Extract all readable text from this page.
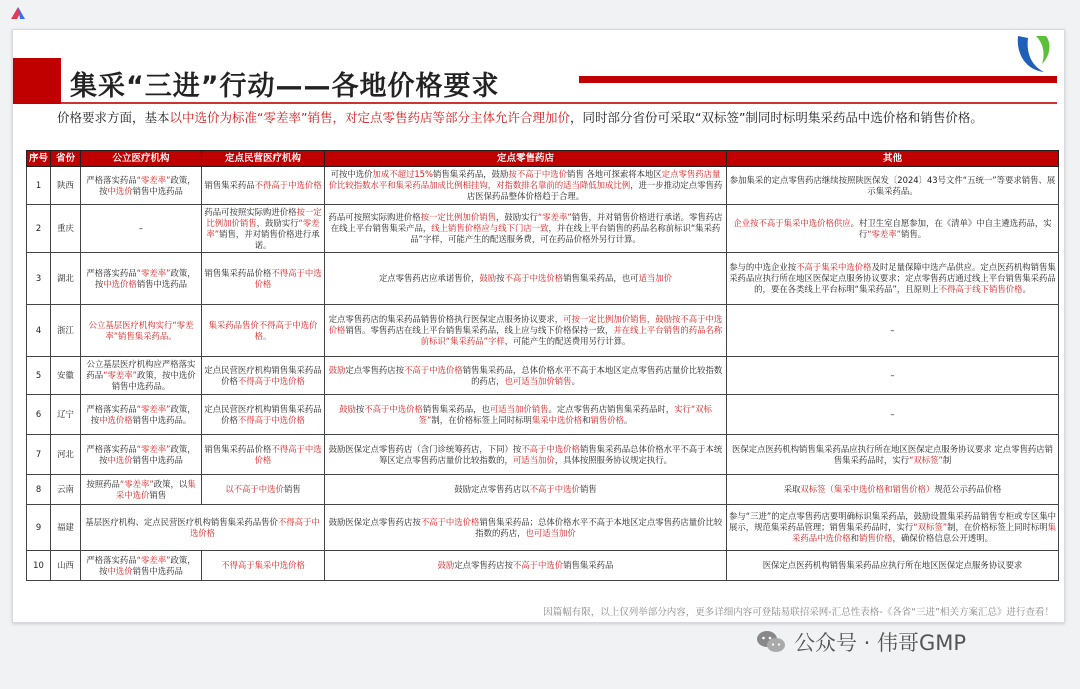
集采“三进”行动——各地价格要求
价格要求方面，基本以中选价为标准“零差率”销售，对定点零售药店等部分主体允许合理加价，同时部分省份可采取“双标签”制同时标明集采药品中选价格和销售价格。
序号	省份	公立医疗机构	定点民营医疗机构	定点零售药店	其他
1	陕西	严格落实药品“零差率”政策，按中选价销售中选药品	销售集采药品不得高于中选价格	可按中选价加成不超过15%销售集采药品，鼓励按不高于中选价销售 各地可探索将本地区定点零售药店量价比较指数水平和集采药品加成比例相挂钩，对指数排名靠前的适当降低加成比例，进一步推动定点零售药店医保药品整体价格趋于合理。	参加集采的定点零售药店继续按照陕医保发〔2024〕43号文件“五统一”等要求销售、展示集采药品。
2	重庆	–	药品可按照实际购进价格按一定比例加价销售，鼓励实行“零差率”销售，并对销售价格进行承诺。	药品可按照实际购进价格按一定比例加价销售，鼓励实行“零差率”销售，并对销售价格进行承诺。零售药店在线上平台销售集采产品，线上销售价格应与线下门店一致，并在线上平台销售的药品名称前标识“集采药品”字样，可能产生的配送服务费，可在药品价格外另行计算。	企业按不高于集采中选价格供应。村卫生室自愿参加，在《清单》中自主遴选药品，实行“零差率”销售。
3	湖北	严格落实药品“零差率”政策，按中选价格销售中选药品	销售集采药品价格不得高于中选价格	定点零售药店应承诺售价，鼓励按不高于中选价格销售集采药品，也可适当加价	参与的中选企业按不高于集采中选价格及时足量保障中选产品供应。定点医药机构销售集采药品应执行所在地区医保定点服务协议要求；定点零售药店通过线上平台销售集采药品的，要在各类线上平台标明“集采药品”，且原则上不得高于线下销售价格。
4	浙江	公立基层医疗机构实行“零差率”销售集采药品。	集采药品售价不得高于中选价格。	定点零售药店的集采药品销售价格执行医保定点服务协议要求，可按一定比例加价销售，鼓励按不高于中选价格销售。零售药店在线上平台销售集采药品，线上应与线下价格保持一致，并在线上平台销售的药品名称前标识“集采药品”字样，可能产生的配送费用另行计算。	–
5	安徽	公立基层医疗机构应严格落实药品“零差率”政策，按中选价销售中选药品。	定点民营医疗机构销售集采药品价格不得高于中选价格	鼓励定点零售药店按不高于中选价格销售集采药品，总体价格水平不高于本地区定点零售药店量价比较指数的药店，也可适当加价销售。	–
6	辽宁	严格落实药品“零差率”政策，按中选价格销售中选药品。	定点民营医疗机构销售集采药品价格不得高于中选价格	鼓励按不高于中选价格销售集采药品，也可适当加价销售。定点零售药店销售集采药品时，实行“双标签”制，在价格标签上同时标明集采中选价格和销售价格。	–
7	河北	严格落实药品“零差率”政策，按中选价销售中选药品	销售集采药品价格不得高于中选价格	鼓励医保定点零售药店（含门诊统筹药店，下同）按不高于中选价格销售集采药品总体价格水平不高于本统筹区定点零售药店量价比较指数的，可适当加价，具体按照服务协议规定执行。	医保定点医药机构销售集采药品应执行所在地区医保定点服务协议要求 定点零售药店销售集采药品时，实行“双标签”制
8	云南	按照药品“零差率”政策，以集采中选价销售	以不高于中选价销售	鼓励定点零售药店以不高于中选价销售	采取双标签（集采中选价格和销售价格）规范公示药品价格
9	福建	基层医疗机构、定点民营医疗机构销售集采药品售价不得高于中选价格		鼓励医保定点零售药店按不高于中选价格销售集采药品；总体价格水平不高于本地区定点零售药店量价比较指数的药店，也可适当加价	参与“三进”的定点零售药店要明确标识集采药品，鼓励设置集采药品销售专柜或专区集中展示，规范集采药品管理；销售集采药品时，实行“双标签”制，在价格标签上同时标明集采药品中选价格和销售价格，确保价格信息公开透明。
10	山西	严格落实药品“零差率”政策，按中选价销售中选药品	不得高于集采中选价格	鼓励定点零售药店按不高于中选价销售集采药品	医保定点医药机构销售集采药品应执行所在地区医保定点服务协议要求
因篇幅有限，以上仅列举部分内容，更多详细内容可登陆易联招采网-汇总性表格-《各省“三进”相关方案汇总》进行查看！
公众号 · 伟哥GMP
